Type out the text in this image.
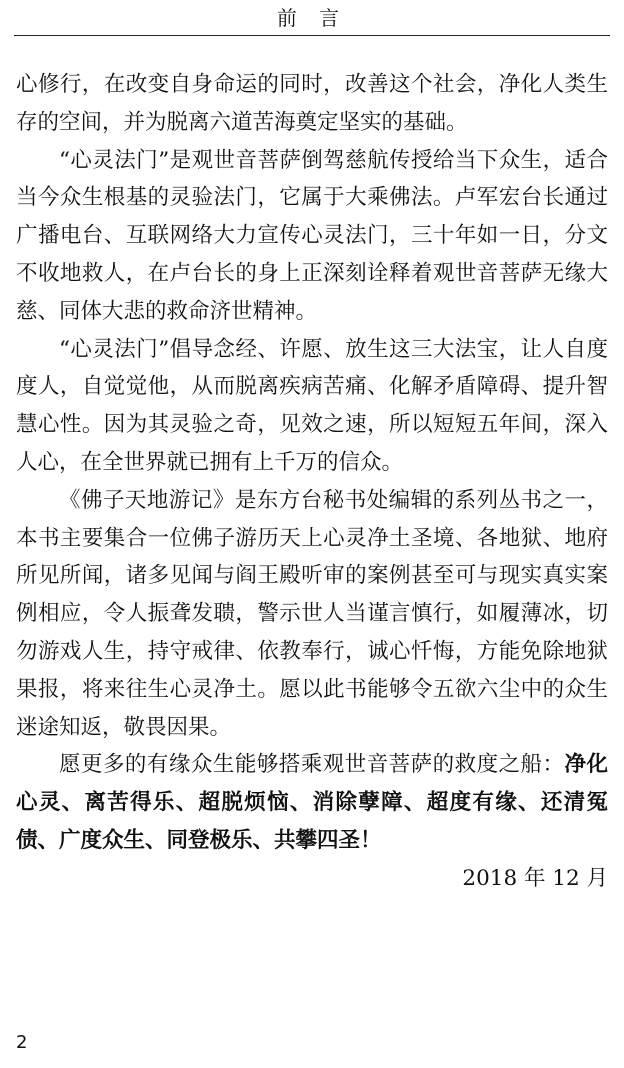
前 言

心修行，在改变自身命运的同时，改善这个社会，净化人类生存的空间，并为脱离六道苦海奠定坚实的基础。

“心灵法门”是观世音菩萨倒驾慈航传授给当下众生，适合当今众生根基的灵验法门，它属于大乘佛法。卢军宏台长通过广播电台、互联网络大力宣传心灵法门，三十年如一日，分文不收地救人，在卢台长的身上正深刻诠释着观世音菩萨无缘大慈、同体大悲的救命济世精神。

“心灵法门”倡导念经、许愿、放生这三大法宝，让人自度度人，自觉觉他，从而脱离疾病苦痛、化解矛盾障碍、提升智慧心性。因为其灵验之奇，见效之速，所以短短五年间，深入人心，在全世界就已拥有上千万的信众。

《佛子天地游记》是东方台秘书处编辑的系列丛书之一，本书主要集合一位佛子游历天上心灵净土圣境、各地狱、地府所见所闻，诸多见闻与阎王殿听审的案例甚至可与现实真实案例相应，令人振聋发聩，警示世人当谨言慎行，如履薄冰，切勿游戏人生，持守戒律、依教奉行，诚心忏悔，方能免除地狱果报，将来往生心灵净土。愿以此书能够令五欲六尘中的众生迷途知返，敬畏因果。

愿更多的有缘众生能够搭乘观世音菩萨的救度之船：净化心灵、离苦得乐、超脱烦恼、消除孽障、超度有缘、还清冤债、广度众生、同登极乐、共攀四圣！

2018 年 12 月

2
